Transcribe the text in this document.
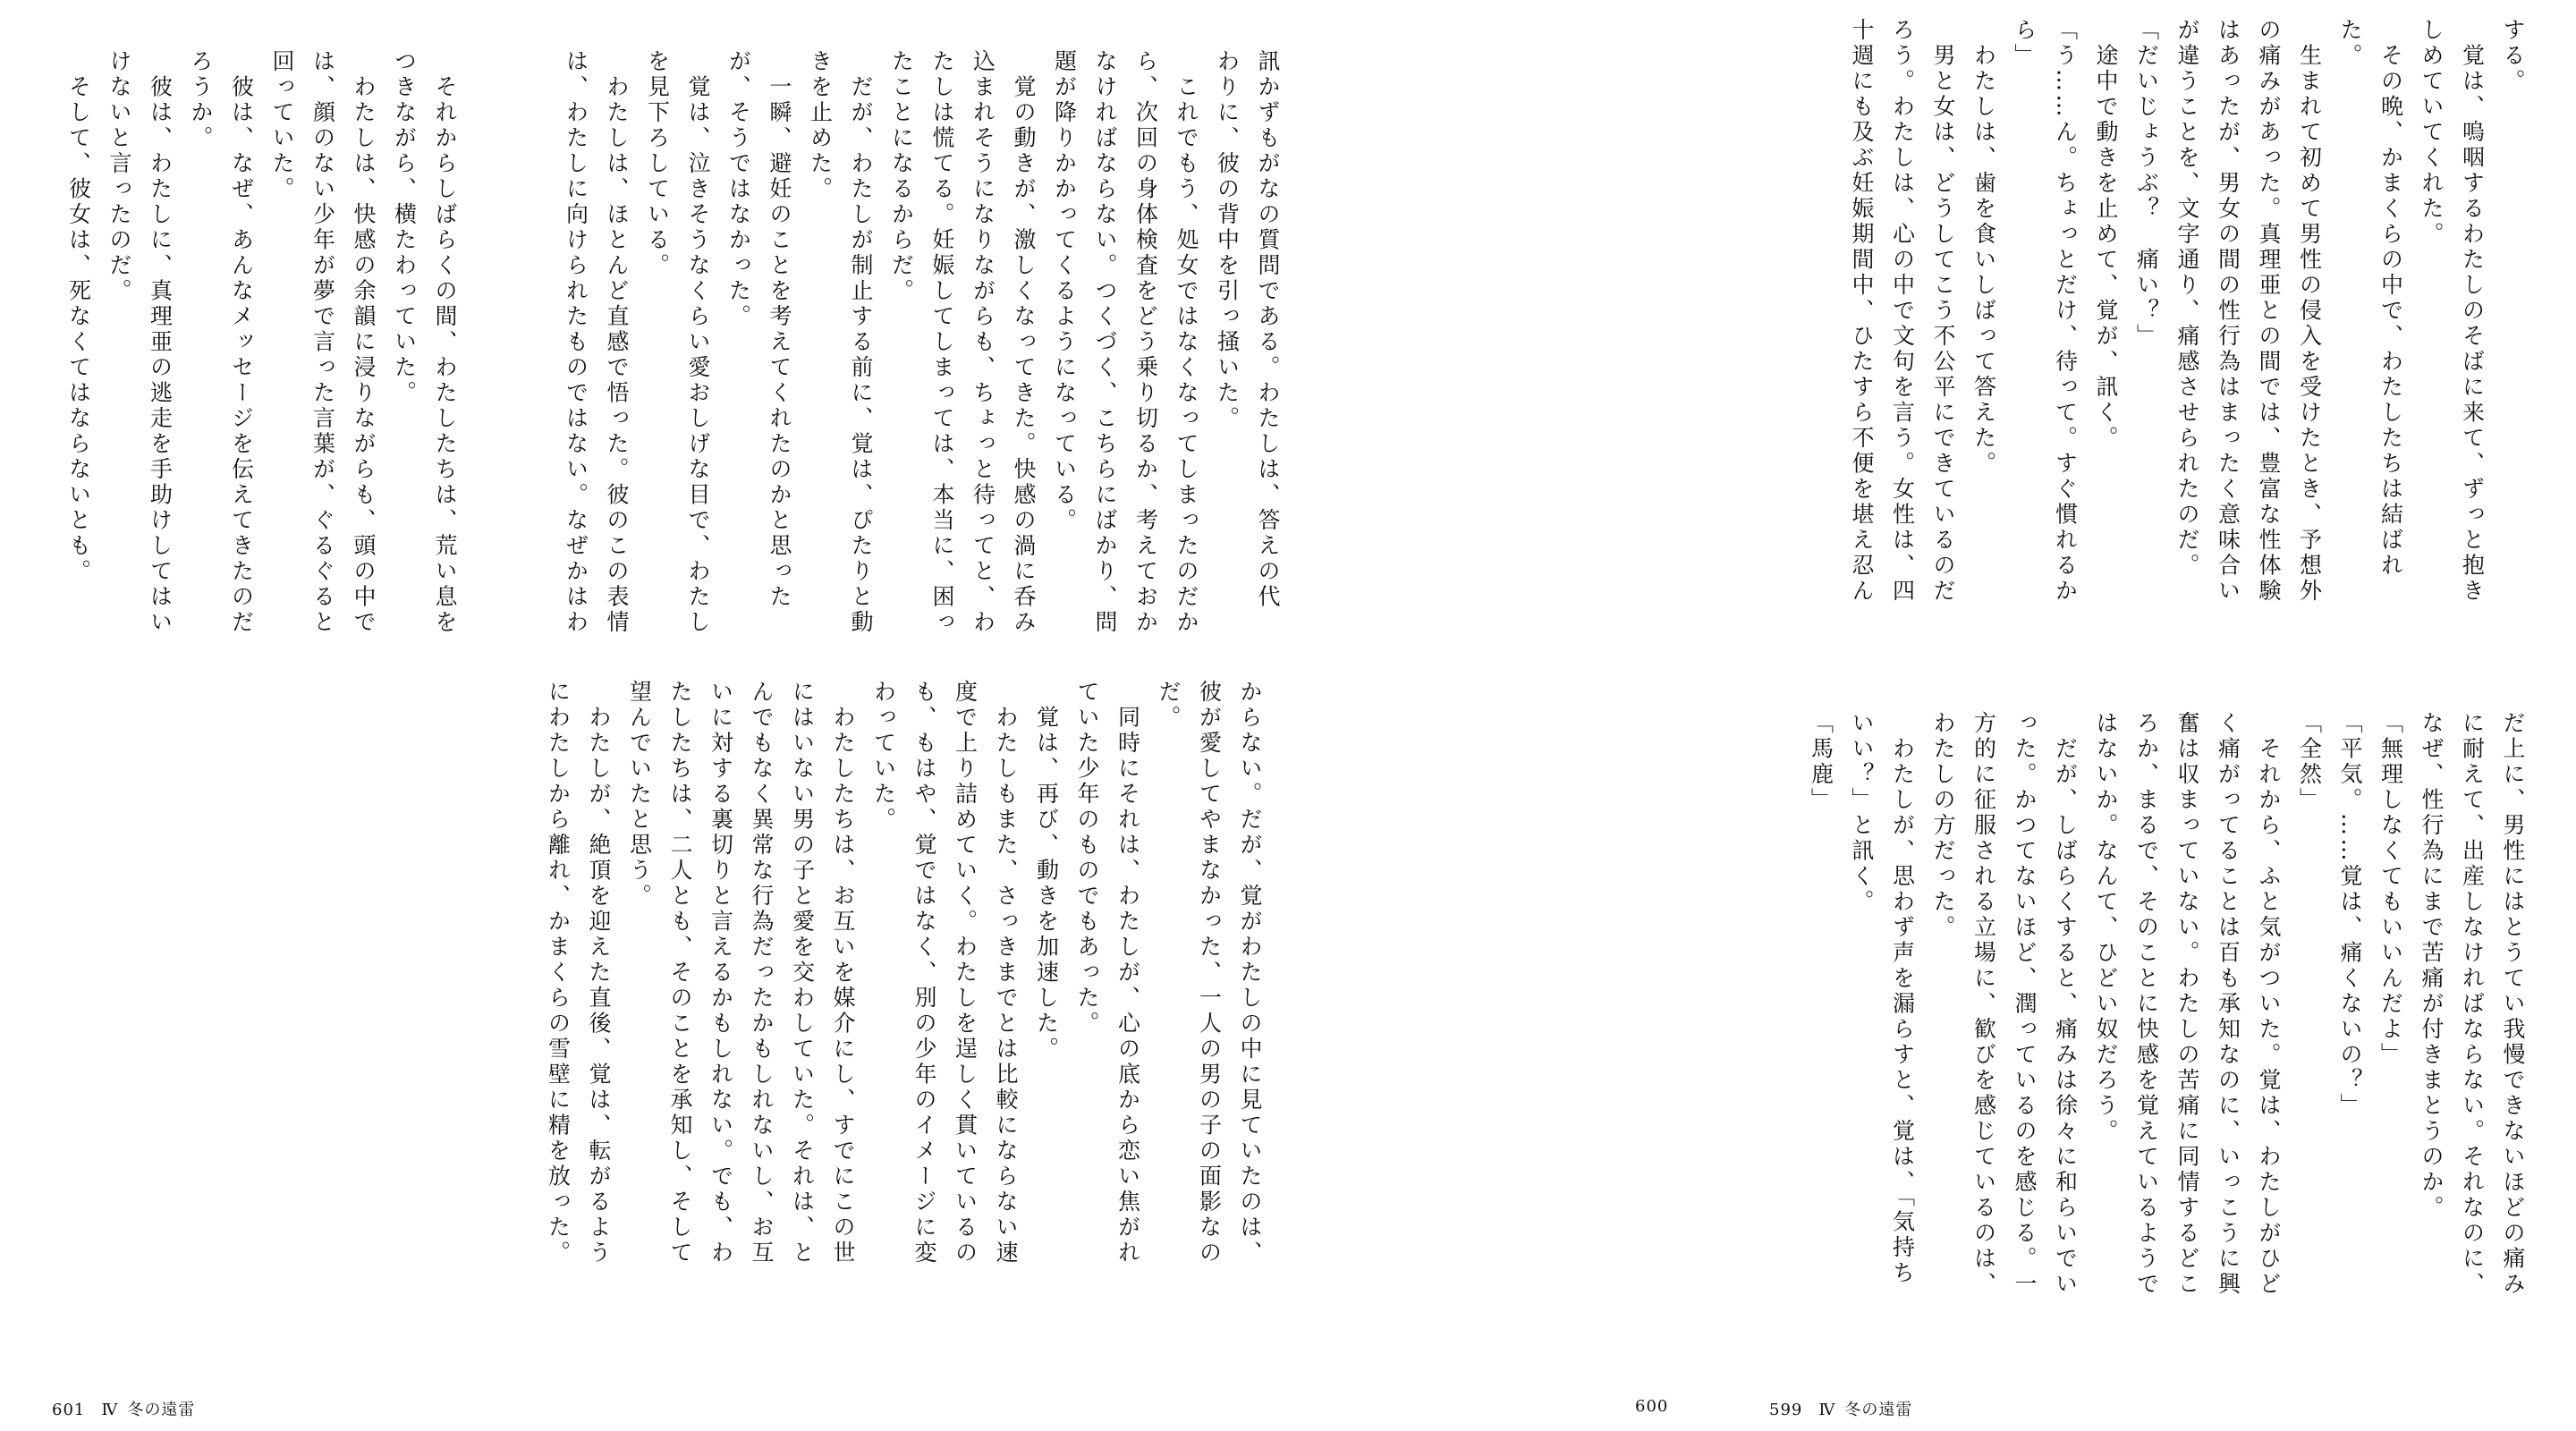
訊かずもがなの質問である。わたしは、答えの代
わりに、彼の背中を引っ掻いた。
　これでもう、処女ではなくなってしまったのだか
ら、次回の身体検査をどう乗り切るか、考えておか
なければならない。つくづく、こちらにばかり、問
題が降りかかってくるようになっている。
　覚の動きが、激しくなってきた。快感の渦に呑み
込まれそうになりながらも、ちょっと待ってと、わ
たしは慌てる。妊娠してしまっては、本当に、困っ
たことになるからだ。
　だが、わたしが制止する前に、覚は、ぴたりと動
きを止めた。
　一瞬、避妊のことを考えてくれたのかと思った
が、そうではなかった。
　覚は、泣きそうなくらい愛おしげな目で、わたし
を見下ろしている。
　わたしは、ほとんど直感で悟った。彼のこの表情
は、わたしに向けられたものではない。なぜかはわ
からない。だが、覚がわたしの中に見ていたのは、
彼が愛してやまなかった、一人の男の子の面影なの
だ。
　同時にそれは、わたしが、心の底から恋い焦がれ
ていた少年のものでもあった。
　覚は、再び、動きを加速した。
　わたしもまた、さっきまでとは比較にならない速
度で上り詰めていく。わたしを逞しく貫いているの
も、もはや、覚ではなく、別の少年のイメージに変
わっていた。
　わたしたちは、お互いを媒介にし、すでにこの世
にはいない男の子と愛を交わしていた。それは、と
んでもなく異常な行為だったかもしれないし、お互
いに対する裏切りと言えるかもしれない。でも、わ
たしたちは、二人とも、そのことを承知し、そして
望んでいたと思う。
　わたしが、絶頂を迎えた直後、覚は、転がるよう
にわたしから離れ、かまくらの雪壁に精を放った。
　それからしばらくの間、わたしたちは、荒い息を
つきながら、横たわっていた。
　わたしは、快感の余韻に浸りながらも、頭の中で
は、顔のない少年が夢で言った言葉が、ぐるぐると
回っていた。
　彼は、なぜ、あんなメッセージを伝えてきたのだ
ろうか。
　彼は、わたしに、真理亜の逃走を手助けしてはい
けないと言ったのだ。
　そして、彼女は、死なくてはならないとも。
601 Ⅳ 冬の遠雷	600
する。
　覚は、嗚咽するわたしのそばに来て、ずっと抱き
しめていてくれた。
　その晩、かまくらの中で、わたしたちは結ばれ
た。
　生まれて初めて男性の侵入を受けたとき、予想外
の痛みがあった。真理亜との間では、豊富な性体験
はあったが、男女の間の性行為はまったく意味合い
が違うことを、文字通り、痛感させられたのだ。
「だいじょうぶ？　痛い？」
　途中で動きを止めて、覚が、訊く。
「う……ん。ちょっとだけ、待って。すぐ慣れるか
ら」
　わたしは、歯を食いしばって答えた。
　男と女は、どうしてこう不公平にできているのだ
ろう。わたしは、心の中で文句を言う。女性は、四
十週にも及ぶ妊娠期間中、ひたすら不便を堪え忍ん
だ上に、男性にはとうてい我慢できないほどの痛み
に耐えて、出産しなければならない。それなのに、
なぜ、性行為にまで苦痛が付きまとうのか。
「無理しなくてもいいんだよ」
「平気。……覚は、痛くないの？」
「全然」
　それから、ふと気がついた。覚は、わたしがひど
く痛がってることは百も承知なのに、いっこうに興
奮は収まっていない。わたしの苦痛に同情するどこ
ろか、まるで、そのことに快感を覚えているようで
はないか。なんて、ひどい奴だろう。
　だが、しばらくすると、痛みは徐々に和らいでい
った。かつてないほど、潤っているのを感じる。一
方的に征服される立場に、歓びを感じているのは、
わたしの方だった。
　わたしが、思わず声を漏らすと、覚は、「気持ち
いい？」と訊く。
「馬鹿」
599 Ⅳ 冬の遠雷
